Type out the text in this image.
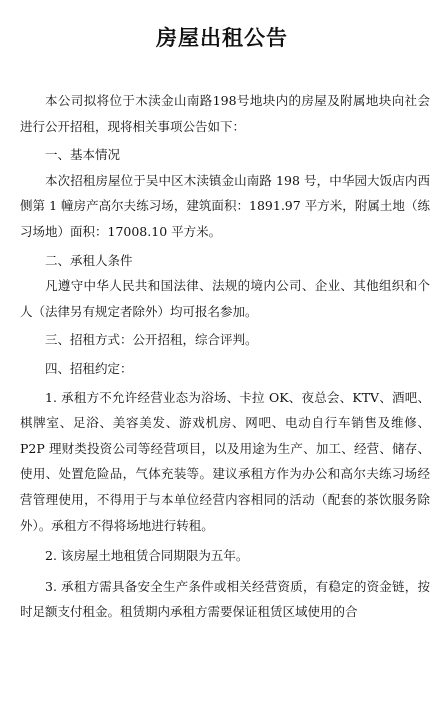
房屋出租公告

本公司拟将位于木渎金山南路198号地块内的房屋及附属地块向社会进行公开招租，现将相关事项公告如下：

一、基本情况

本次招租房屋位于吴中区木渎镇金山南路 198 号，中华园大饭店内西侧第 1 幢房产高尔夫练习场，建筑面积：1891.97 平方米，附属土地（练习场地）面积：17008.10 平方米。

二、承租人条件

凡遵守中华人民共和国法律、法规的境内公司、企业、其他组织和个人（法律另有规定者除外）均可报名参加。

三、招租方式：公开招租，综合评判。

四、招租约定：

1. 承租方不允许经营业态为浴场、卡拉 OK、夜总会、KTV、酒吧、棋牌室、足浴、美容美发、游戏机房、网吧、电动自行车销售及维修、P2P 理财类投资公司等经营项目，以及用途为生产、加工、经营、储存、使用、处置危险品，气体充装等。建议承租方作为办公和高尔夫练习场经营管理使用，不得用于与本单位经营内容相同的活动（配套的茶饮服务除外）。承租方不得将场地进行转租。

2. 该房屋土地租赁合同期限为五年。

3. 承租方需具备安全生产条件或相关经营资质，有稳定的资金链，按时足额支付租金。租赁期内承租方需要保证租赁区域使用的合
